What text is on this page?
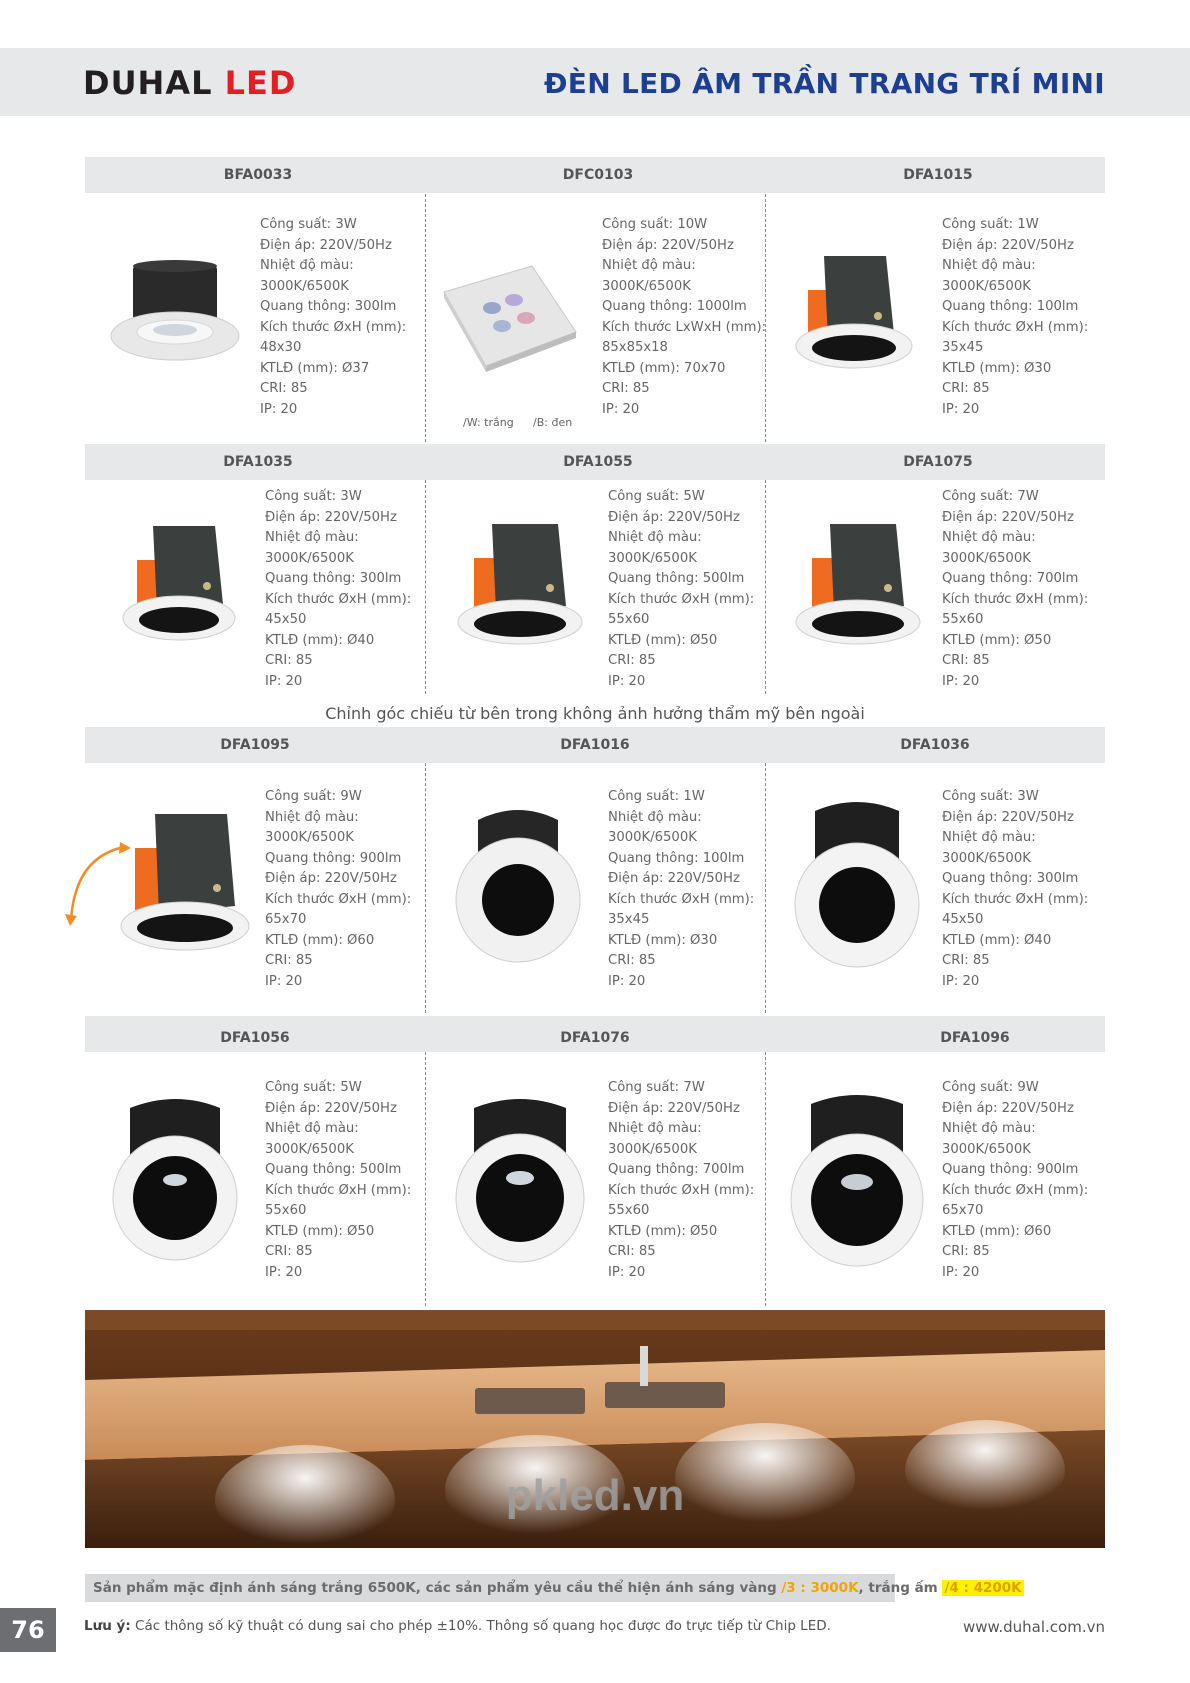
DUHAL LED	ĐÈN LED ÂM TRẦN TRANG TRÍ MINI
BFA0033	DFC0103	DFA1015
DFA1035	DFA1055	DFA1075
DFA1095	DFA1016	DFA1036
DFA1056	DFA1076	DFA1096
Công suất: 3W
Điện áp: 220V/50Hz
Nhiệt độ màu:
3000K/6500K
Quang thông: 300lm
Kích thước ØxH (mm):
48x30
KTLĐ (mm): Ø37
CRI: 85
IP: 20
Công suất: 10W
Điện áp: 220V/50Hz
Nhiệt độ màu:
3000K/6500K
Quang thông: 1000lm
Kích thước LxWxH (mm):
85x85x18
KTLĐ (mm): 70x70
CRI: 85
IP: 20
Công suất: 1W
Điện áp: 220V/50Hz
Nhiệt độ màu:
3000K/6500K
Quang thông: 100lm
Kích thước ØxH (mm):
35x45
KTLĐ (mm): Ø30
CRI: 85
IP: 20
Công suất: 3W
Điện áp: 220V/50Hz
Nhiệt độ màu:
3000K/6500K
Quang thông: 300lm
Kích thước ØxH (mm):
45x50
KTLĐ (mm): Ø40
CRI: 85
IP: 20
Công suất: 5W
Điện áp: 220V/50Hz
Nhiệt độ màu:
3000K/6500K
Quang thông: 500lm
Kích thước ØxH (mm):
55x60
KTLĐ (mm): Ø50
CRI: 85
IP: 20
Công suất: 7W
Điện áp: 220V/50Hz
Nhiệt độ màu:
3000K/6500K
Quang thông: 700lm
Kích thước ØxH (mm):
55x60
KTLĐ (mm): Ø50
CRI: 85
IP: 20
Công suất: 9W
Nhiệt độ màu:
3000K/6500K
Quang thông: 900lm
Điện áp: 220V/50Hz
Kích thước ØxH (mm):
65x70
KTLĐ (mm): Ø60
CRI: 85
IP: 20
Công suất: 1W
Nhiệt độ màu:
3000K/6500K
Quang thông: 100lm
Điện áp: 220V/50Hz
Kích thước ØxH (mm):
35x45
KTLĐ (mm): Ø30
CRI: 85
IP: 20
Công suất: 3W
Điện áp: 220V/50Hz
Nhiệt độ màu:
3000K/6500K
Quang thông: 300lm
Kích thước ØxH (mm):
45x50
KTLĐ (mm): Ø40
CRI: 85
IP: 20
Công suất: 5W
Điện áp: 220V/50Hz
Nhiệt độ màu:
3000K/6500K
Quang thông: 500lm
Kích thước ØxH (mm):
55x60
KTLĐ (mm): Ø50
CRI: 85
IP: 20
Công suất: 7W
Điện áp: 220V/50Hz
Nhiệt độ màu:
3000K/6500K
Quang thông: 700lm
Kích thước ØxH (mm):
55x60
KTLĐ (mm): Ø50
CRI: 85
IP: 20
Công suất: 9W
Điện áp: 220V/50Hz
Nhiệt độ màu:
3000K/6500K
Quang thông: 900lm
Kích thước ØxH (mm):
65x70
KTLĐ (mm): Ø60
CRI: 85
IP: 20
/W: trắng /B: đen
Chỉnh góc chiếu từ bên trong không ảnh hưởng thẩm mỹ bên ngoài
pkled.vn
Sản phẩm mặc định ánh sáng trắng 6500K, các sản phẩm yêu cầu thể hiện ánh sáng vàng /3 : 3000K, trắng ấm /4 : 4200K
76	Lưu ý: Các thông số kỹ thuật có dung sai cho phép ±10%. Thông số quang học được đo trực tiếp từ Chip LED.	www.duhal.com.vn
